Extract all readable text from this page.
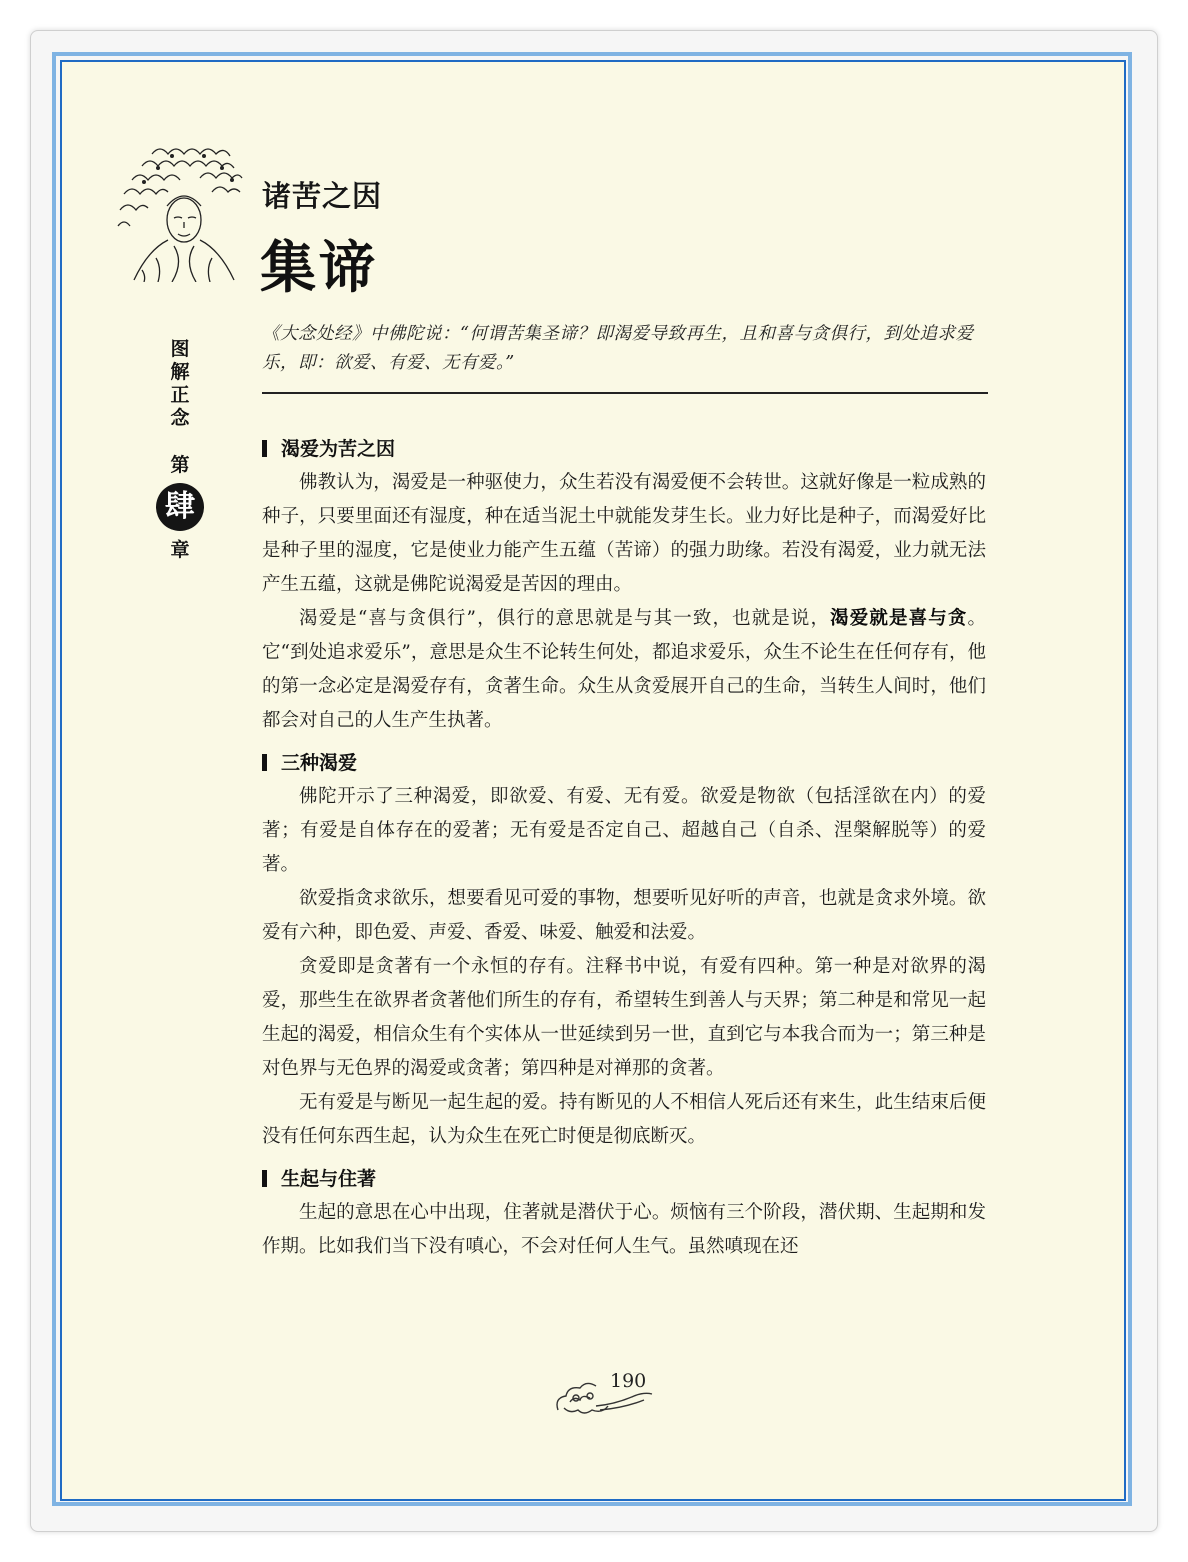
诸苦之因
集谛
图
解
正
念
第
肆
章
《大念处经》中佛陀说：“何谓苦集圣谛？即渴爱导致再生，且和喜与贪俱行，到处追求爱乐，即：欲爱、有爱、无有爱。”
渴爱为苦之因

佛教认为，渴爱是一种驱使力，众生若没有渴爱便不会转世。这就好像是一粒成熟的种子，只要里面还有湿度，种在适当泥土中就能发芽生长。业力好比是种子，而渴爱好比是种子里的湿度，它是使业力能产生五蕴（苦谛）的强力助缘。若没有渴爱，业力就无法产生五蕴，这就是佛陀说渴爱是苦因的理由。

渴爱是“喜与贪俱行”，俱行的意思就是与其一致，也就是说，渴爱就是喜与贪。它“到处追求爱乐”，意思是众生不论转生何处，都追求爱乐，众生不论生在任何存有，他的第一念必定是渴爱存有，贪著生命。众生从贪爱展开自己的生命，当转生人间时，他们都会对自己的人生产生执著。

三种渴爱

佛陀开示了三种渴爱，即欲爱、有爱、无有爱。欲爱是物欲（包括淫欲在内）的爱著；有爱是自体存在的爱著；无有爱是否定自己、超越自己（自杀、涅槃解脱等）的爱著。

欲爱指贪求欲乐，想要看见可爱的事物，想要听见好听的声音，也就是贪求外境。欲爱有六种，即色爱、声爱、香爱、味爱、触爱和法爱。

贪爱即是贪著有一个永恒的存有。注释书中说，有爱有四种。第一种是对欲界的渴爱，那些生在欲界者贪著他们所生的存有，希望转生到善人与天界；第二种是和常见一起生起的渴爱，相信众生有个实体从一世延续到另一世，直到它与本我合而为一；第三种是对色界与无色界的渴爱或贪著；第四种是对禅那的贪著。

无有爱是与断见一起生起的爱。持有断见的人不相信人死后还有来生，此生结束后便没有任何东西生起，认为众生在死亡时便是彻底断灭。

生起与住著

生起的意思在心中出现，住著就是潜伏于心。烦恼有三个阶段，潜伏期、生起期和发作期。比如我们当下没有嗔心，不会对任何人生气。虽然嗔现在还

190
